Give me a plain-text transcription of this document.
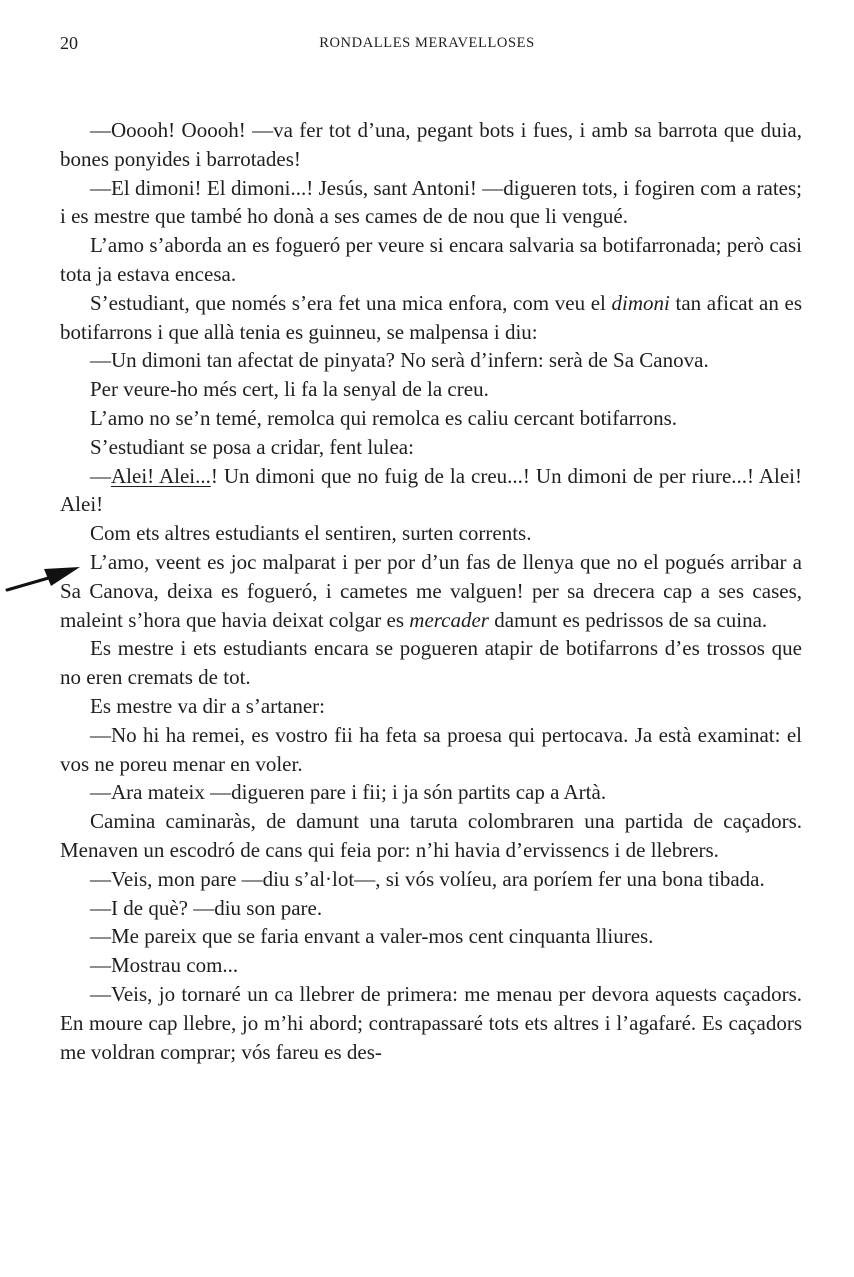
20	RONDALLES MERAVELLOSES

—Ooooh! Ooooh! —va fer tot d’una, pegant bots i fues, i amb sa barrota que duia, bones ponyides i barrotades!

—El dimoni! El dimoni...! Jesús, sant Antoni! —digueren tots, i fogiren com a rates; i es mestre que també ho donà a ses cames de de nou que li vengué.

L’amo s’aborda an es fogueró per veure si encara salvaria sa botifarronada; però casi tota ja estava encesa.

S’estudiant, que només s’era fet una mica enfora, com veu el dimoni tan aficat an es botifarrons i que allà tenia es guinneu, se malpensa i diu:

—Un dimoni tan afectat de pinyata? No serà d’infern: serà de Sa Canova.

Per veure-ho més cert, li fa la senyal de la creu.

L’amo no se’n temé, remolca qui remolca es caliu cercant botifarrons.

S’estudiant se posa a cridar, fent lulea:

—Alei! Alei...! Un dimoni que no fuig de la creu...! Un dimoni de per riure...! Alei! Alei!

Com ets altres estudiants el sentiren, surten corrents.

L’amo, veent es joc malparat i per por d’un fas de llenya que no el pogués arribar a Sa Canova, deixa es fogueró, i cametes me valguen! per sa drecera cap a ses cases, maleint s’hora que havia deixat colgar es mercader damunt es pedrissos de sa cuina.

Es mestre i ets estudiants encara se pogueren atapir de botifarrons d’es trossos que no eren cremats de tot.

Es mestre va dir a s’artaner:

—No hi ha remei, es vostro fii ha feta sa proesa qui pertocava. Ja està examinat: el vos ne poreu menar en voler.

—Ara mateix —digueren pare i fii; i ja són partits cap a Artà.

Camina caminaràs, de damunt una taruta colombraren una partida de caçadors. Menaven un escodró de cans qui feia por: n’hi havia d’ervissencs i de llebrers.

—Veis, mon pare —diu s’al·lot—, si vós volíeu, ara poríem fer una bona tibada.

—I de què? —diu son pare.

—Me pareix que se faria envant a valer-mos cent cinquanta lliures.

—Mostrau com...

—Veis, jo tornaré un ca llebrer de primera: me menau per devora aquests caçadors. En moure cap llebre, jo m’hi abord; contrapassaré tots ets altres i l’agafaré. Es caçadors me voldran comprar; vós fareu es des-
